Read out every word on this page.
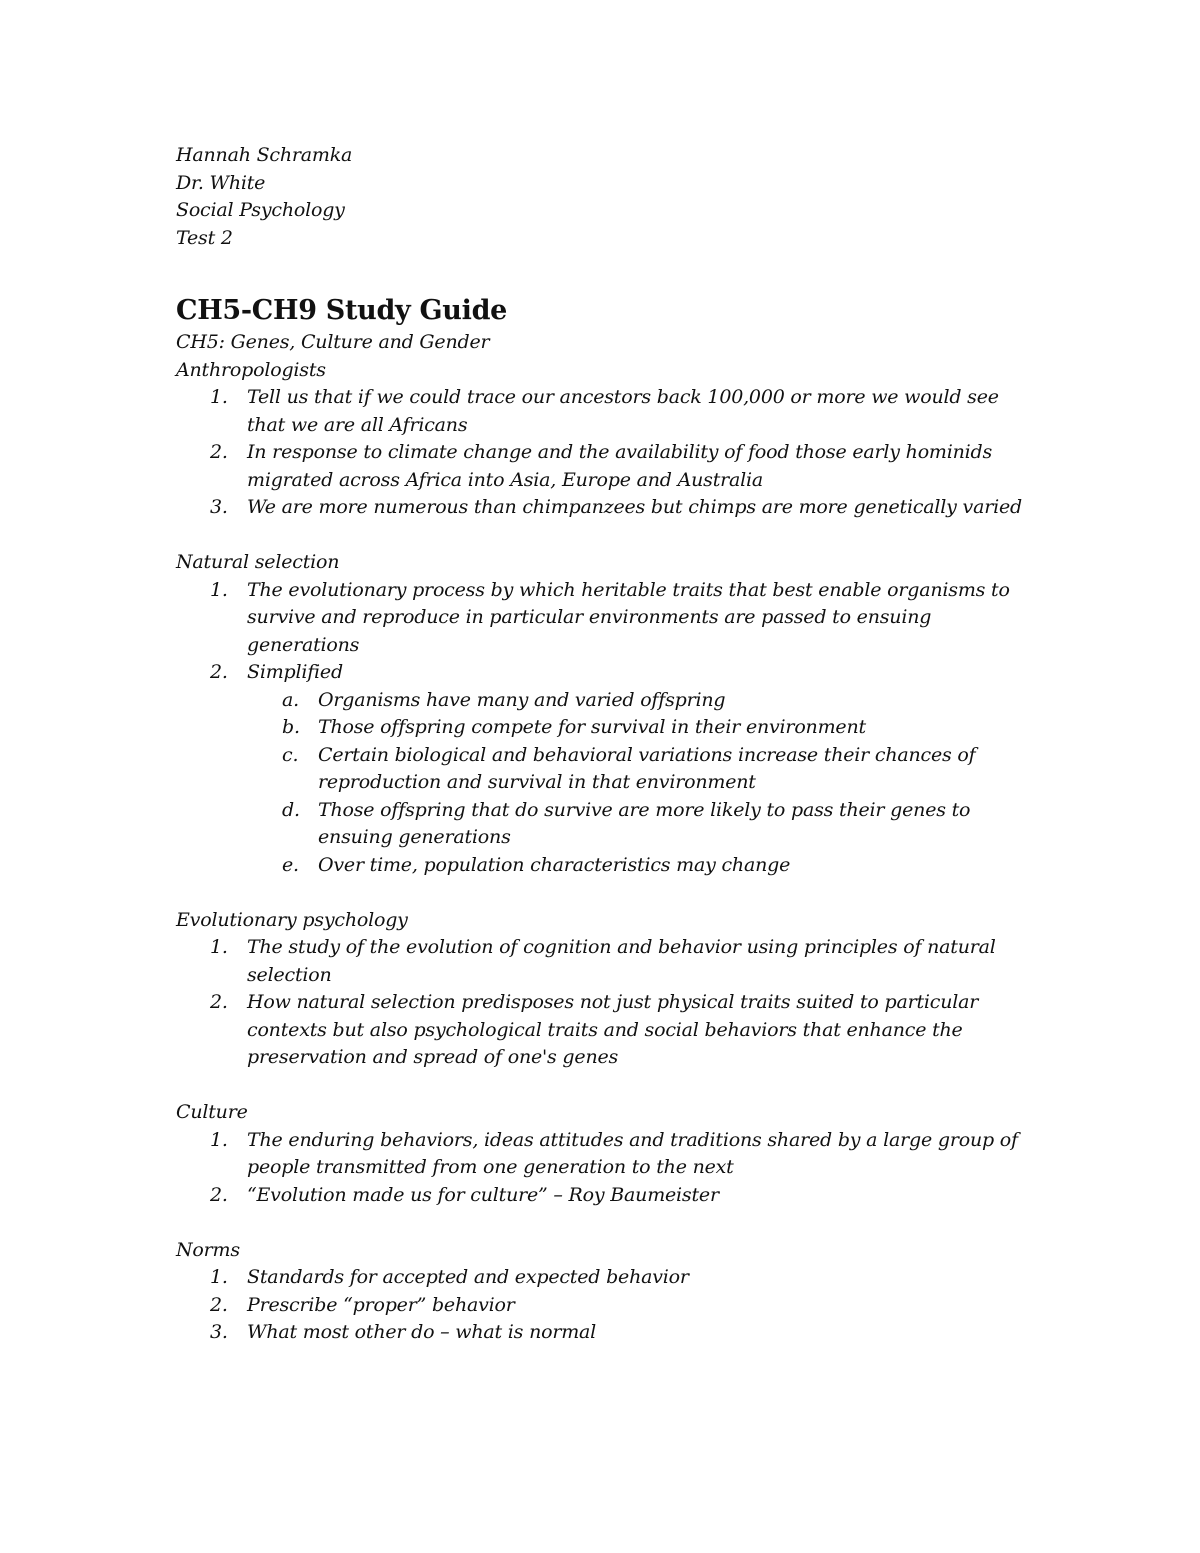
Hannah Schramka
Dr. White
Social Psychology
Test 2
CH5-CH9 Study Guide
CH5: Genes, Culture and Gender
Anthropologists
1. Tell us that if we could trace our ancestors back 100,000 or more we would see that we are all Africans
2. In response to climate change and the availability of food those early hominids migrated across Africa into Asia, Europe and Australia
3. We are more numerous than chimpanzees but chimps are more genetically varied
Natural selection
1. The evolutionary process by which heritable traits that best enable organisms to survive and reproduce in particular environments are passed to ensuing generations
2. Simplified
a. Organisms have many and varied offspring
b. Those offspring compete for survival in their environment
c. Certain biological and behavioral variations increase their chances of reproduction and survival in that environment
d. Those offspring that do survive are more likely to pass their genes to ensuing generations
e. Over time, population characteristics may change
Evolutionary psychology
1. The study of the evolution of cognition and behavior using principles of natural selection
2. How natural selection predisposes not just physical traits suited to particular contexts but also psychological traits and social behaviors that enhance the preservation and spread of one's genes
Culture
1. The enduring behaviors, ideas attitudes and traditions shared by a large group of people transmitted from one generation to the next
2. “Evolution made us for culture” – Roy Baumeister
Norms
1. Standards for accepted and expected behavior
2. Prescribe “proper” behavior
3. What most other do – what is normal
